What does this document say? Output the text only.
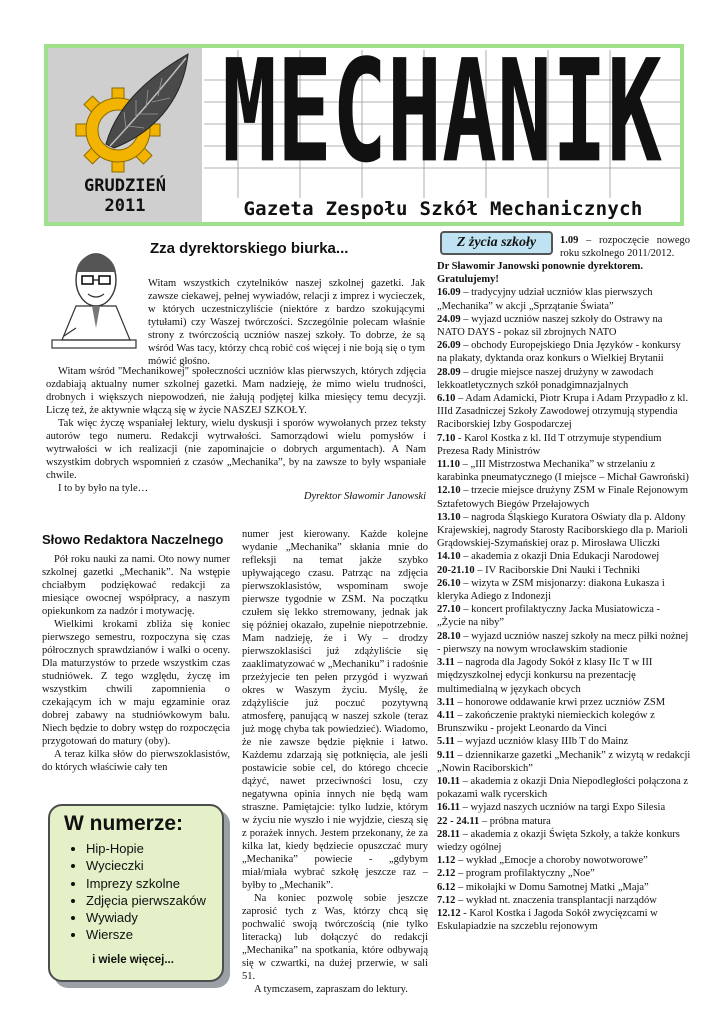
GRUDZIEŃ
2011
MECHANIK
Gazeta Zespołu Szkół Mechanicznych
Zza dyrektorskiego biurka...
Witam wszystkich czytelników naszej szkolnej gazetki. Jak zawsze ciekawej, pełnej wywiadów, relacji z imprez i wycieczek, w których uczestniczyliście (niektóre z bardzo szokującymi tytułami) czy Waszej twórczości. Szczególnie polecam właśnie strony z twórczością uczniów naszej szkoły. To dobrze, że są wśród Was tacy, którzy chcą robić coś więcej i nie boją się o tym mówić głośno.
Witam wśród "Mechanikowej" społeczności uczniów klas pierwszych, których zdjęcia ozdabiają aktualny numer szkolnej gazetki. Mam nadzieję, że mimo wielu trudności, drobnych i większych niepowodzeń, nie żałują podjętej kilka miesięcy temu decyzji. Liczę też, że aktywnie włączą się w życie NASZEJ SZKOŁY.
Tak więc życzę wspaniałej lektury, wielu dyskusji i sporów wywołanych przez teksty autorów tego numeru. Redakcji wytrwałości. Samorządowi wielu pomysłów i wytrwałości w ich realizacji (nie zapominajcie o dobrych argumentach). A Nam wszystkim dobrych wspomnień z czasów „Mechanika”, by na zawsze to były wspaniałe chwile.
I to by było na tyle…
Dyrektor Sławomir Janowski
Słowo Redaktora Naczelnego
Pół roku nauki za nami. Oto nowy numer szkolnej gazetki „Mechanik”. Na wstępie chciałbym podziękować redakcji za miesiące owocnej współpracy, a naszym opiekunkom za nadzór i motywację.
Wielkimi krokami zbliża się koniec pierwszego semestru, rozpoczyna się czas półrocznych sprawdzianów i walki o oceny. Dla maturzystów to przede wszystkim czas studniówek. Z tego względu, życzę im wszystkim chwili zapomnienia o czekającym ich w maju egzaminie oraz dobrej zabawy na studniówkowym balu. Niech będzie to dobry wstęp do rozpoczęcia przygotowań do matury (oby).
A teraz kilka słów do pierwszoklasistów, do których właściwie cały ten
numer jest kierowany. Każde kolejne wydanie „Mechanika” skłania mnie do refleksji na temat jakże szybko upływającego czasu. Patrząc na zdjęcia pierwszoklasistów, wspominam swoje pierwsze tygodnie w ZSM. Na początku czułem się lekko stremowany, jednak jak się później okazało, zupełnie niepotrzebnie. Mam nadzieję, że i Wy – drodzy pierwszoklasiści już zdążyliście się zaaklimatyzować w „Mechaniku” i radośnie przeżyjecie ten pełen przygód i wyzwań okres w Waszym życiu. Myślę, że zdążyliście już poczuć pozytywną atmosferę, panującą w naszej szkole (teraz już mogę chyba tak powiedzieć). Wiadomo, że nie zawsze będzie pięknie i łatwo. Każdemu zdarzają się potknięcia, ale jeśli postawicie sobie cel, do którego chcecie dążyć, nawet przeciwności losu, czy negatywna opinia innych nie będą wam straszne. Pamiętajcie: tylko ludzie, którym w życiu nie wyszło i nie wyjdzie, cieszą się z porażek innych. Jestem przekonany, że za kilka lat, kiedy będziecie opuszczać mury „Mechanika” powiecie - „gdybym miał/miała wybrać szkołę jeszcze raz – byłby to „Mechanik”.
Na koniec pozwolę sobie jeszcze zaprosić tych z Was, którzy chcą się pochwalić swoją twórczością (nie tylko literacką) lub dołączyć do redakcji „Mechanika” na spotkania, które odbywają się w czwartki, na dużej przerwie, w sali 51.
A tymczasem, zapraszam do lektury.
W numerze:
• Hip-Hopie
• Wycieczki
• Imprezy szkolne
• Zdjęcia pierwszaków
• Wywiady
• Wiersze
i wiele więcej...
Z życia szkoły	1.09 – rozpoczęcie nowego roku szkolnego 2011/2012.

Dr Sławomir Janowski ponownie dyrektorem. Gratulujemy!

16.09 – tradycyjny udział uczniów klas pierwszych „Mechanika” w akcji „Sprzątanie Świata”

24.09 – wyjazd uczniów naszej szkoły do Ostrawy na NATO DAYS - pokaz sil zbrojnych NATO

26.09 – obchody Europejskiego Dnia Języków - konkursy na plakaty, dyktanda oraz konkurs o Wielkiej Brytanii

28.09 – drugie miejsce naszej drużyny w zawodach lekkoatletycznych szkół ponadgimnazjalnych

6.10 – Adam Adamicki, Piotr Krupa i Adam Przypadło z kl. IIId Zasadniczej Szkoły Zawodowej otrzymują stypendia Raciborskiej Izby Gospodarczej

7.10 - Karol Kostka z kl. IId T otrzymuje stypendium Prezesa Rady Ministrów

11.10 – „III Mistrzostwa Mechanika” w strzelaniu z karabinka pneumatycznego (I miejsce – Michał Gawroński)

12.10 – trzecie miejsce drużyny ZSM w Finale Rejonowym Sztafetowych Biegów Przełajowych

13.10 – nagroda Śląskiego Kuratora Oświaty dla p. Aldony Krajewskiej, nagrody Starosty Raciborskiego dla p. Marioli Grądowskiej-Szymańskiej oraz p. Mirosława Uliczki

14.10 – akademia z okazji Dnia Edukacji Narodowej

20-21.10 – IV Raciborskie Dni Nauki i Techniki

26.10 – wizyta w ZSM misjonarzy: diakona Łukasza i kleryka Adiego z Indonezji

27.10 – koncert profilaktyczny Jacka Musiatowicza - „Życie na niby”

28.10 – wyjazd uczniów naszej szkoły na mecz piłki nożnej - pierwszy na nowym wrocławskim stadionie

3.11 – nagroda dla Jagody Sokół z klasy IIc T w III międzyszkolnej edycji konkursu na prezentację multimedialną w językach obcych

3.11 – honorowe oddawanie krwi przez uczniów ZSM

4.11 – zakończenie praktyki niemieckich kolegów z Brunszwiku - projekt Leonardo da Vinci

5.11 – wyjazd uczniów klasy IIIb T do Mainz

9.11 – dziennikarze gazetki „Mechanik” z wizytą w redakcji „Nowin Raciborskich”

10.11 – akademia z okazji Dnia Niepodległości połączona z pokazami walk rycerskich

16.11 – wyjazd naszych uczniów na targi Expo Silesia

22 - 24.11 – próbna matura

28.11 – akademia z okazji Święta Szkoły, a także konkurs wiedzy ogólnej

1.12 – wykład „Emocje a choroby nowotworowe”

2.12 – program profilaktyczny „Noe”

6.12 – mikołajki w Domu Samotnej Matki „Maja”

7.12 – wykład nt. znaczenia transplantacji narządów

12.12 - Karol Kostka i Jagoda Sokół zwycięzcami w Eskulapiadzie na szczeblu rejonowym
